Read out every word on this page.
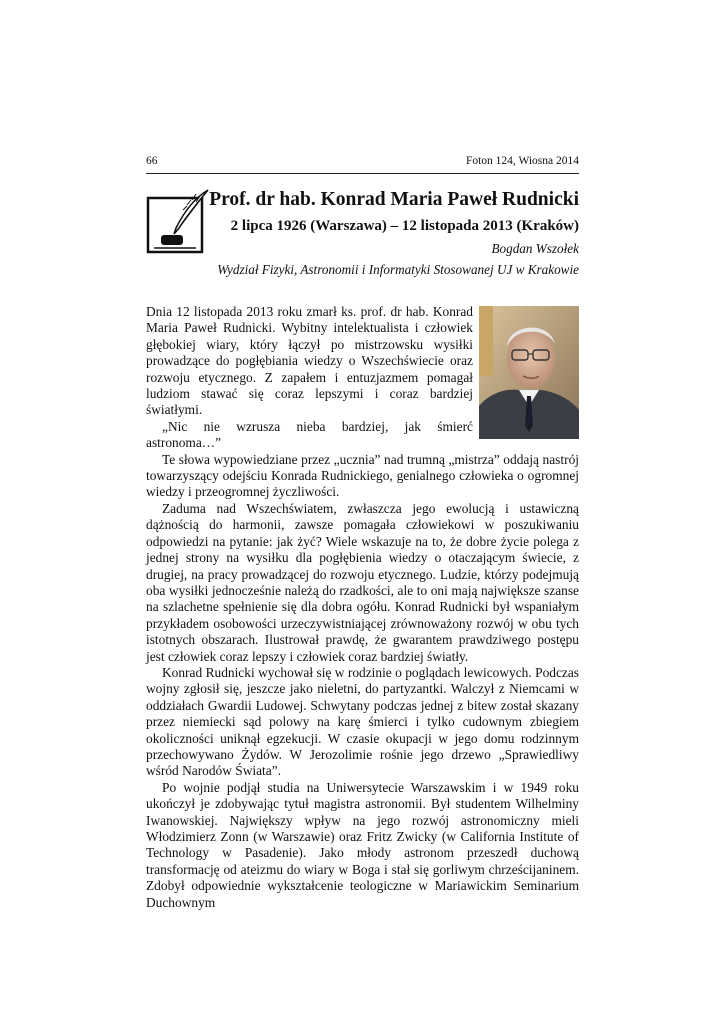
66	Foton 124, Wiosna 2014
Prof. dr hab. Konrad Maria Paweł Rudnicki
2 lipca 1926 (Warszawa) – 12 listopada 2013 (Kraków)
Bogdan Wszołek
Wydział Fizyki, Astronomii i Informatyki Stosowanej UJ w Krakowie

Dnia 12 listopada 2013 roku zmarł ks. prof. dr hab. Konrad Maria Paweł Rudnicki. Wybitny intelektualista i człowiek głębokiej wiary, który łączył po mistrzowsku wysiłki prowadzące do pogłębiania wiedzy o Wszechświecie oraz rozwoju etycznego. Z zapałem i entuzjazmem pomagał ludziom stawać się coraz lepszymi i coraz bardziej światłymi.

„Nic nie wzrusza nieba bardziej, jak śmierć astronoma…”

Te słowa wypowiedziane przez „ucznia” nad trumną „mistrza” oddają nastrój towarzyszący odejściu Konrada Rudnickiego, genialnego człowieka o ogromnej wiedzy i przeogromnej życzliwości.

Zaduma nad Wszechświatem, zwłaszcza jego ewolucją i ustawiczną dążnością do harmonii, zawsze pomagała człowiekowi w poszukiwaniu odpowiedzi na pytanie: jak żyć? Wiele wskazuje na to, że dobre życie polega z jednej strony na wysiłku dla pogłębienia wiedzy o otaczającym świecie, z drugiej, na pracy prowadzącej do rozwoju etycznego. Ludzie, którzy podejmują oba wysiłki jednocześnie należą do rzadkości, ale to oni mają największe szanse na szlachetne spełnienie się dla dobra ogółu. Konrad Rudnicki był wspaniałym przykładem osobowości urzeczywistniającej zrównoważony rozwój w obu tych istotnych obszarach. Ilustrował prawdę, że gwarantem prawdziwego postępu jest człowiek coraz lepszy i człowiek coraz bardziej światły.

Konrad Rudnicki wychował się w rodzinie o poglądach lewicowych. Podczas wojny zgłosił się, jeszcze jako nieletni, do partyzantki. Walczył z Niemcami w oddziałach Gwardii Ludowej. Schwytany podczas jednej z bitew został skazany przez niemiecki sąd polowy na karę śmierci i tylko cudownym zbiegiem okoliczności uniknął egzekucji. W czasie okupacji w jego domu rodzinnym przechowywano Żydów. W Jerozolimie rośnie jego drzewo „Sprawiedliwy wśród Narodów Świata”.

Po wojnie podjął studia na Uniwersytecie Warszawskim i w 1949 roku ukończył je zdobywając tytuł magistra astronomii. Był studentem Wilhelminy Iwanowskiej. Największy wpływ na jego rozwój astronomiczny mieli Włodzimierz Zonn (w Warszawie) oraz Fritz Zwicky (w California Institute of Technology w Pasadenie). Jako młody astronom przeszedł duchową transformację od ateizmu do wiary w Boga i stał się gorliwym chrześcijaninem. Zdobył odpowiednie wykształcenie teologiczne w Mariawickim Seminarium Duchownym
